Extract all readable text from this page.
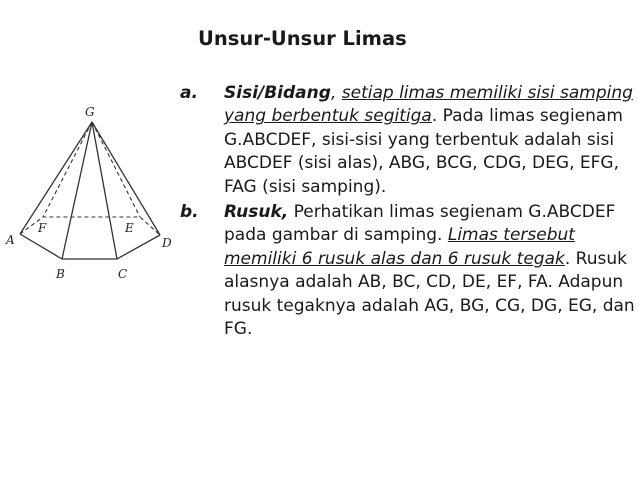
Unsur-Unsur Limas
G
A
B	C
D
E
F
a. Sisi/Bidang, setiap limas memiliki sisi samping yang berbentuk segitiga. Pada limas segienam G.ABCDEF, sisi-sisi yang terbentuk adalah sisi ABCDEF (sisi alas), ABG, BCG, CDG, DEG, EFG, FAG (sisi samping).
b. Rusuk, Perhatikan limas segienam G.ABCDEF pada gambar di samping. Limas tersebut memiliki 6 rusuk alas dan 6 rusuk tegak. Rusuk alasnya adalah AB, BC, CD, DE, EF, FA. Adapun rusuk tegaknya adalah AG, BG, CG, DG, EG, dan FG.
